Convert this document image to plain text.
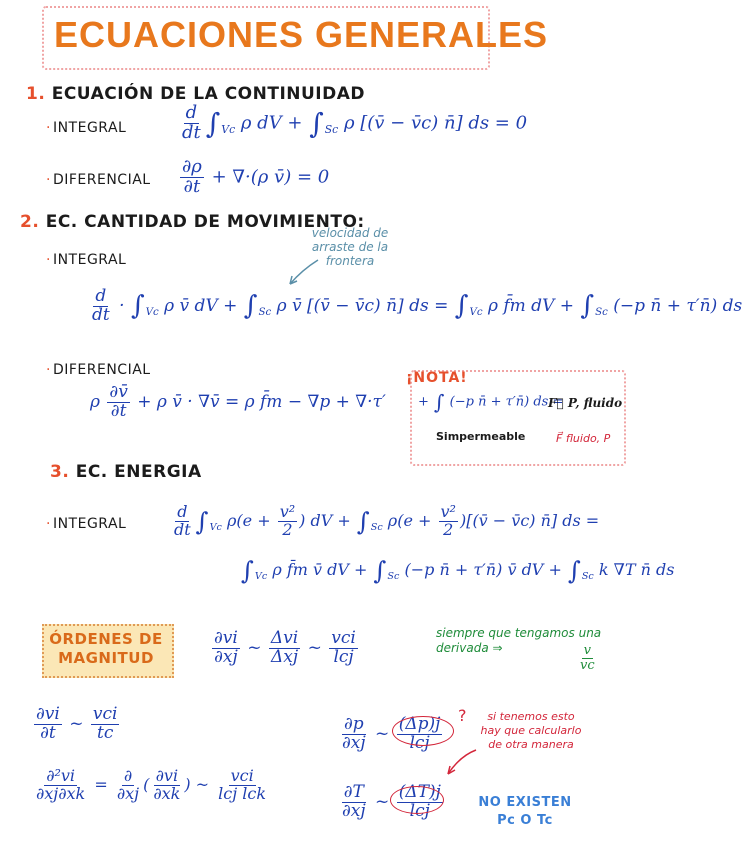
ECUACIONES GENERALES
1. ECUACIÓN DE LA CONTINUIDAD
· INTEGRAL	$\frac{d}{dt} \int_{Vc}$ ρ dV + $\int_{Sc}$ ρ [(v̄ − v̄c) n̄] ds = 0
· DIFERENCIAL $\frac{\partial\rho}{\partial t} + \nabla\cdot(\rho$ v̄) = 0
2. EC. CANTIDAD DE MOVIMIENTO:
velocidad de arraste de la frontera
· INTEGRAL
$\frac{d}{dt} \cdot \int_{Vc}$ ρ v̄ dV + $\int_{Sc}$ ρ v̄ [(v̄ − v̄c) n̄] ds = $\int_{Vc}$ ρ f̄m dV + $\int_{Sc}$ (−p n̄ + τ′n̄) ds
· DIFERENCIAL
ρ $\frac{\partial v̄}{\partial t} + \rho$ v̄ · ∇v̄ = ρ f̄m − ∇p + ∇·τ′
¡NOTA!
+ ∫ (−p n̄ + τ′n̄) ds =
F⃗ P, fluido
Simpermeable	F⃗ fluido, P
3. EC. ENERGIA
· INTEGRAL	$\frac{d}{dt} \int_{Vc}$ $\rho(e + \frac{\text{v²}}{2}$ ) dV + $\int_{Sc}$ $\rho(e + \frac{\text{v²}}{2}$ )[(v̄ − v̄c) n̄] ds =
$\int_{Vc}$ ρ f̄m v̄ dV + $\int_{Sc}$ (−p n̄ + τ′n̄) v̄ dV + $\int_{Sc}$ k ∇T n̄ ds
ÓRDENES DE MAGNITUD	$\frac{\partial vi}{\partial xj}$ ~ $\frac{\text{Δvi}}{\text{Δxj}}$ ~ $\frac{\text{vci}}{\text{lcj}}$	siempre que tengamos una derivada ⇒	$\frac{v}{vc}$
$\frac{\partial vi}{\partial t}$ ~ $\frac{\text{vci}}{tc}$
$\frac{\text{∂²vi}}{\partial xj\partial xk} = \frac{\partial}{\partial xj}$ ( $\frac{\partial vi}{\partial xk}$ ) ~ $\frac{\text{vci}}{\text{lcj lck}}$
$\frac{\partial p}{\partial xj}$ ~ $\frac{(\Delta p)j}{\text{lcj}}$
?	si tenemos esto hay que calcularlo de otra manera
$\frac{\partial T}{\partial xj}$ ~ $\frac{(\Delta T)j}{\text{lcj}}$	NO EXISTEN Pc O Tc
